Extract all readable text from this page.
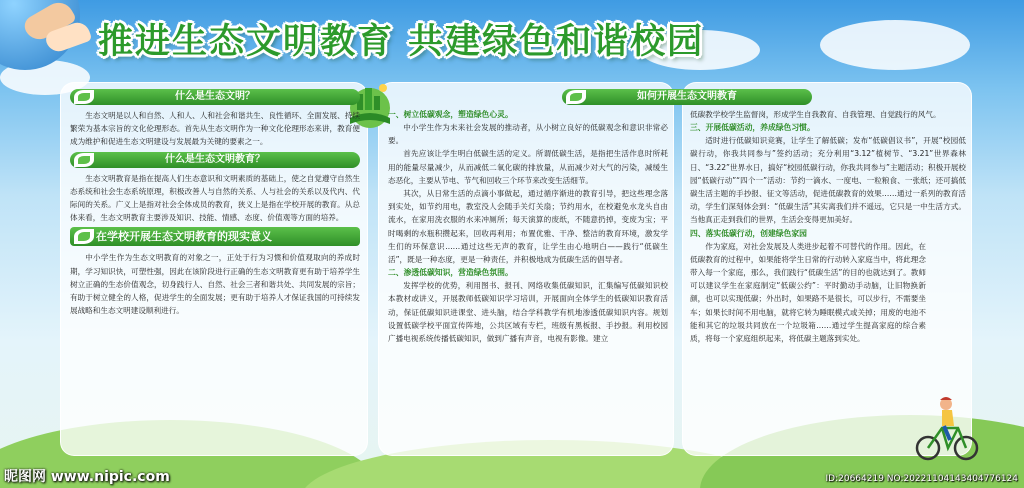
推进生态文明教育 共建绿色和谐校园
什么是生态文明？

生态文明是以人和自然、人和人、人和社会和谐共生、良性循环、全面发展、持续繁荣为基本宗旨的文化伦理形态。首先从生态文明作为一种文化伦理形态来讲，教育便成为维护和促进生态文明建设与发展最为关键的要素之一。

什么是生态文明教育？

生态文明教育是指在提高人们生态意识和文明素质的基础上，使之自觉遵守自然生态系统和社会生态系统原理，积极改善人与自然的关系、人与社会的关系以及代内、代际间的关系。广义上是指对社会全体成员的教育，狭义上是指在学校开展的教育。从总体来看，生态文明教育主要涉及知识、技能、情感、态度、价值观等方面的培养。

在学校开展生态文明教育的现实意义

中小学生作为生态文明教育的对象之一，正处于行为习惯和价值观取向的养成时期，学习知识快，可塑性强，因此在该阶段进行正确的生态文明教育更有助于培养学生树立正确的生态价值观念，切身践行人、自然、社会三者和谐共处、共同发展的宗旨；有助于树立健全的人格，促进学生的全面发展；更有助于培养人才保证我国的可持续发展战略和生态文明建设顺利进行。

一、树立低碳观念，塑造绿色心灵。

中小学生作为未来社会发展的推动者，从小树立良好的低碳观念和意识非常必要。

首先应该让学生明白低碳生活的定义。所谓低碳生活，是指把生活作息时所耗用的能量尽量减少，从而减低二氧化碳的排放量，从而减少对大气的污染，减缓生态恶化，主要从节电、节气和回收三个环节来改变生活细节。

其次，从日常生活的点滴小事做起，通过循序渐进的教育引导，把这些理念落到实处，如节约用电，教室没人会随手关灯关扇；节约用水，在校避免水龙头自由流水，在家用洗衣服的水来冲厕所；每天演算的废纸，不随意扔掉，变废为宝；平时喝剩的水瓶积攒起来，回收再利用；布置优雅、干净、整洁的教育环境，激发学生们的环保意识……通过这些无声的教育，让学生由心地明白——践行“低碳生活”，既是一种态度，更是一种责任，并积极地成为低碳生活的倡导者。

二、渗透低碳知识，营造绿色氛围。

发挥学校的优势，利用图书、报刊、网络收集低碳知识，汇集编写低碳知识校本教材或讲义，开展教师低碳知识学习培训，开展面向全体学生的低碳知识教育活动，保证低碳知识进课堂、进头脑，结合学科教学有机地渗透低碳知识内容。规划设置低碳学校平面宣传阵地，公共区域有专栏，班级有黑板报、手抄报。利用校园广播电视系统传播低碳知识，做到广播有声音，电视有影像。建立

如何开展生态文明教育

低碳教学校学生监督岗，形成学生自我教育、自我管理、自觉践行的风气。

三、开展低碳活动，养成绿色习惯。

适时进行低碳知识竞赛，让学生了解低碳；发布“低碳倡议书”，开展“校园低碳行动，你我共同参与”签约活动；充分利用“3.12”植树节、“3.21”世界森林日、“3.22”世界水日，搞好“校园低碳行动，你我共同参与”主题活动；积极开展校园“低碳行动”“四个一”活动：节约一滴水、一度电、一粒粮食、一张纸；还可搞低碳生活主题的手抄报、征文等活动，促进低碳教育的效果……通过一系列的教育活动，学生们深刻体会到：“低碳生活”其实离我们并不遥远，它只是一中生活方式。当他真正走到我们的世界，生活会变得更加美好。

四、落实低碳行动，创建绿色家园

作为家庭，对社会发展及人类进步起着不可替代的作用。因此，在低碳教育的过程中，如果能将学生日常的行动转入家庭当中，将此理念带入每一个家庭，那么，我们践行“低碳生活”的目的也就达到了。教师可以建议学生在家庭制定“低碳公约”：平时勤动手动脑，让旧物换新颜，也可以实现低碳；外出时，如果路不是很长，可以步行，不需要坐车；如果长时间不用电脑，就将它转为睡眠模式或关掉；用废的电池不能和其它的垃圾共同放在一个垃圾箱……通过学生提高家庭的综合素质，将每一个家庭组织起来，将低碳主题落到实处。

昵图网 www.nipic.com	ID:20664219 NO:20221104143404776124
